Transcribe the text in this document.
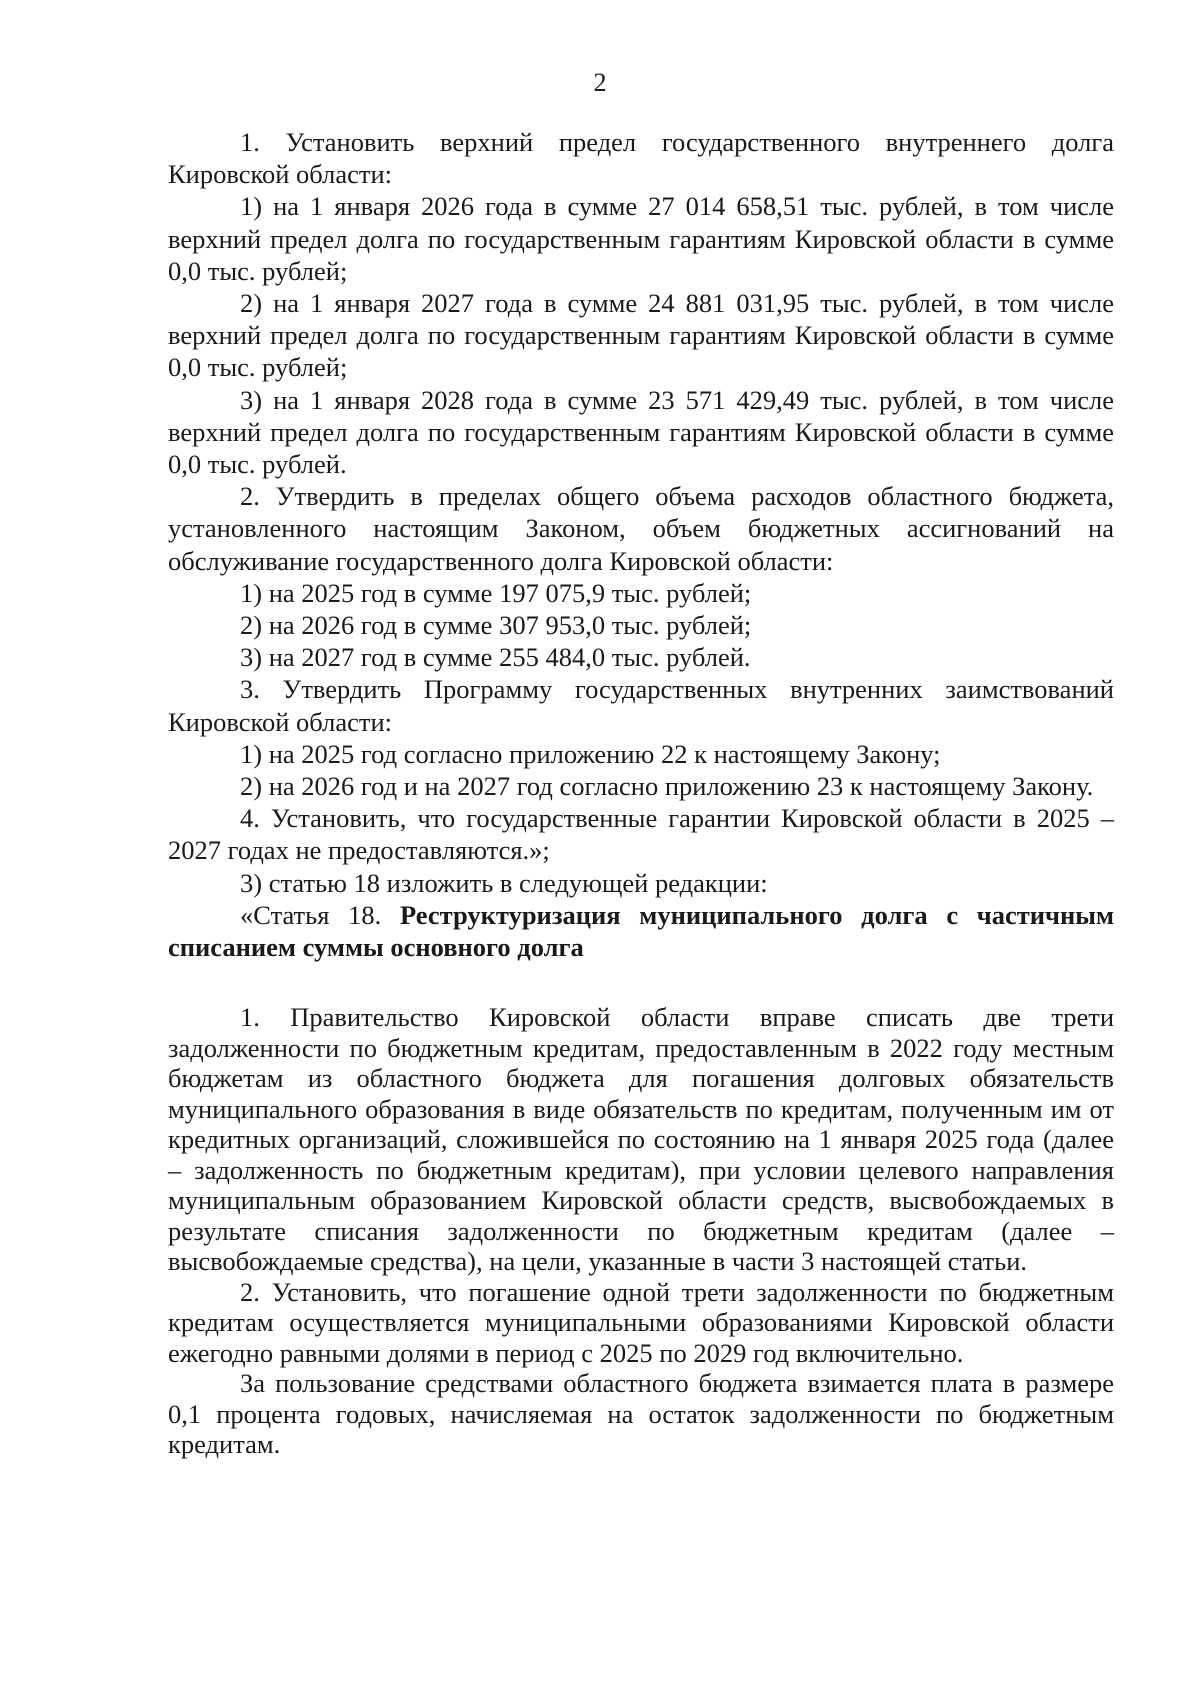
2

1. Установить верхний предел государственного внутреннего долга Кировской области:

1) на 1 января 2026 года в сумме 27 014 658,51 тыс. рублей, в том числе верхний предел долга по государственным гарантиям Кировской области в сумме 0,0 тыс. рублей;

2) на 1 января 2027 года в сумме 24 881 031,95 тыс. рублей, в том числе верхний предел долга по государственным гарантиям Кировской области в сумме 0,0 тыс. рублей;

3) на 1 января 2028 года в сумме 23 571 429,49 тыс. рублей, в том числе верхний предел долга по государственным гарантиям Кировской области в сумме 0,0 тыс. рублей.

2. Утвердить в пределах общего объема расходов областного бюджета, установленного настоящим Законом, объем бюджетных ассигнований на обслуживание государственного долга Кировской области:

1) на 2025 год в сумме 197 075,9 тыс. рублей;

2) на 2026 год в сумме 307 953,0 тыс. рублей;

3) на 2027 год в сумме 255 484,0 тыс. рублей.

3. Утвердить Программу государственных внутренних заимствований Кировской области:

1) на 2025 год согласно приложению 22 к настоящему Закону;

2) на 2026 год и на 2027 год согласно приложению 23 к настоящему Закону.

4. Установить, что государственные гарантии Кировской области в 2025 – 2027 годах не предоставляются.»;

3) статью 18 изложить в следующей редакции:

«Статья 18. Реструктуризация муниципального долга с частичным списанием суммы основного долга

1. Правительство Кировской области вправе списать две трети задолженности по бюджетным кредитам, предоставленным в 2022 году местным бюджетам из областного бюджета для погашения долговых обязательств муниципального образования в виде обязательств по кредитам, полученным им от кредитных организаций, сложившейся по состоянию на 1 января 2025 года (далее – задолженность по бюджетным кредитам), при условии целевого направления муниципальным образованием Кировской области средств, высвобождаемых в результате списания задолженности по бюджетным кредитам (далее – высвобождаемые средства), на цели, указанные в части 3 настоящей статьи.

2. Установить, что погашение одной трети задолженности по бюджетным кредитам осуществляется муниципальными образованиями Кировской области ежегодно равными долями в период с 2025 по 2029 год включительно.

За пользование средствами областного бюджета взимается плата в размере 0,1 процента годовых, начисляемая на остаток задолженности по бюджетным кредитам.
